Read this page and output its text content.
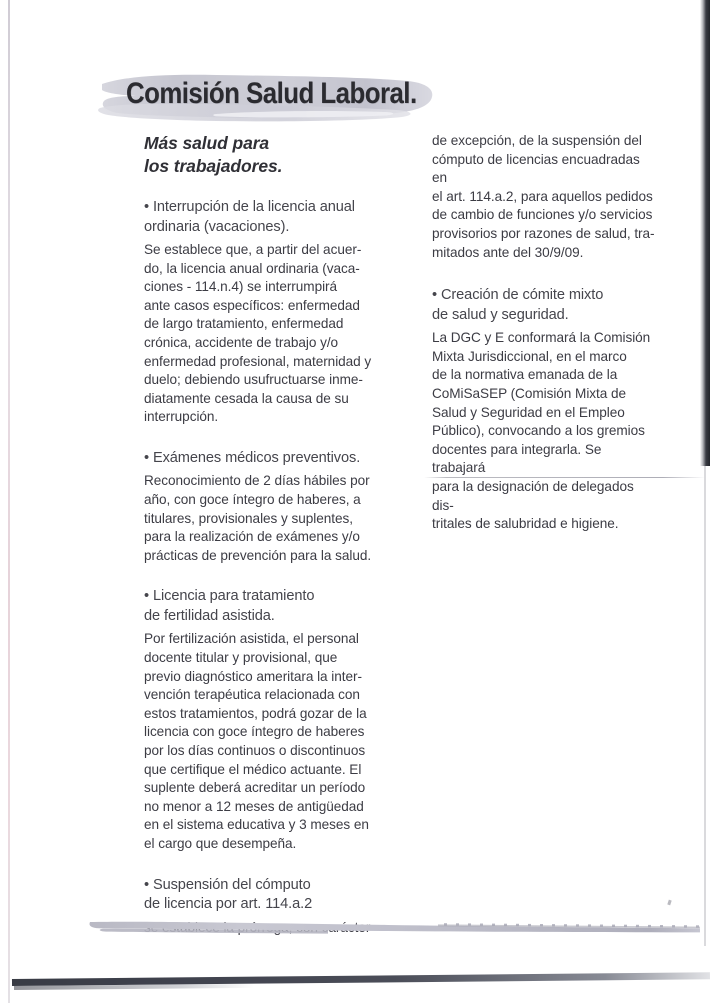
Comisión Salud Laboral.
Más salud para
los trabajadores.

• Interrupción de la licencia anual
ordinaria (vacaciones).

Se establece que, a partir del acuer-
do, la licencia anual ordinaria (vaca-
ciones - 114.n.4) se interrumpirá
ante casos específicos: enfermedad
de largo tratamiento, enfermedad
crónica, accidente de trabajo y/o
enfermedad profesional, maternidad y
duelo; debiendo usufructuarse inme-
diatamente cesada la causa de su
interrupción.

• Exámenes médicos preventivos.

Reconocimiento de 2 días hábiles por
año, con goce íntegro de haberes, a
titulares, provisionales y suplentes,
para la realización de exámenes y/o
prácticas de prevención para la salud.

• Licencia para tratamiento
de fertilidad asistida.

Por fertilización asistida, el personal
docente titular y provisional, que
previo diagnóstico ameritara la inter-
vención terapéutica relacionada con
estos tratamientos, podrá gozar de la
licencia con goce íntegro de haberes
por los días continuos o discontinuos
que certifique el médico actuante. El
suplente deberá acreditar un período
no menor a 12 meses de antigüedad
en el sistema educativa y 3 meses en
el cargo que desempeña.

• Suspensión del cómputo
de licencia por art. 114.a.2

de excepción, de la suspensión del
cómputo de licencias encuadradas en
el art. 114.a.2, para aquellos pedidos
de cambio de funciones y/o servicios
provisorios por razones de salud, tra-
mitados ante del 30/9/09.

• Creación de cómite mixto
de salud y seguridad.

La DGC y E conformará la Comisión
Mixta Jurisdiccional, en el marco
de la normativa emanada de la
CoMiSaSEP (Comisión Mixta de
Salud y Seguridad en el Empleo
Público), convocando a los gremios
docentes para integrarla. Se trabajará
para la designación de delegados dis-
tritales de salubridad e higiene.
